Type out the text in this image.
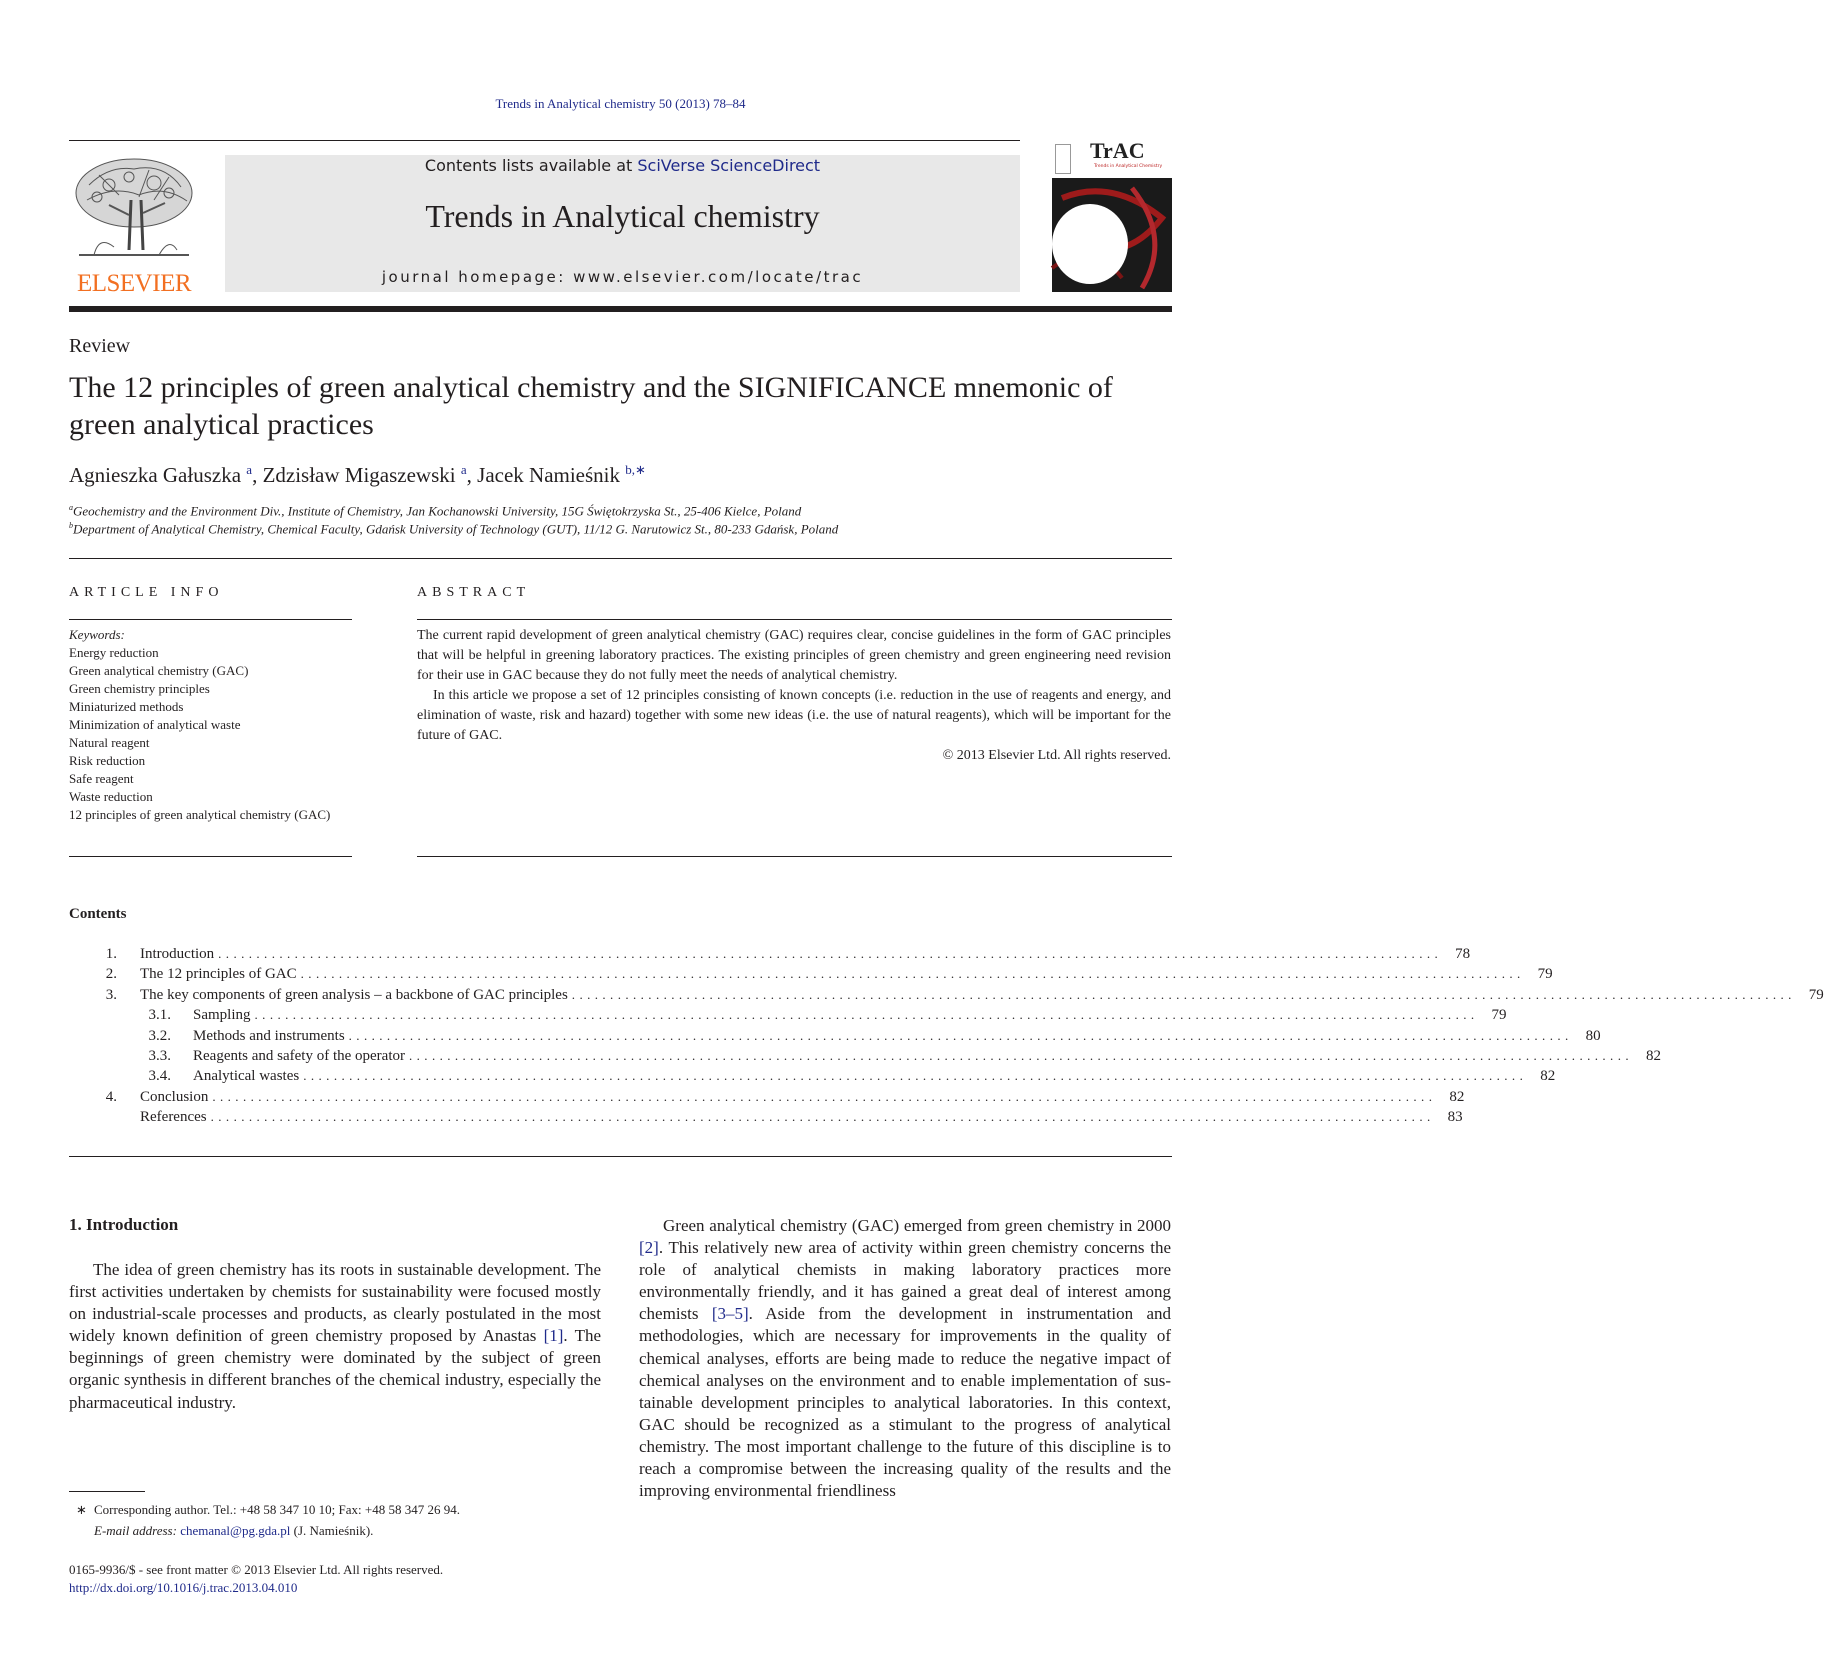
Trends in Analytical chemistry 50 (2013) 78–84
ELSEVIER
Contents lists available at SciVerse ScienceDirect
Trends in Analytical chemistry
journal homepage: www.elsevier.com/locate/trac
TrAC
Trends in Analytical Chemistry
Review
The 12 principles of green analytical chemistry and the SIGNIFICANCE mnemonic of green analytical practices
Agnieszka Gałuszka $^a$, Zdzisław Migaszewski $^a$, Jacek Namieśnik $^{b,∗}$
$^a$Geochemistry and the Environment Div., Institute of Chemistry, Jan Kochanowski University, 15G Świętokrzyska St., 25-406 Kielce, Poland
$^b$Department of Analytical Chemistry, Chemical Faculty, Gdańsk University of Technology (GUT), 11/12 G. Narutowicz St., 80-233 Gdańsk, Poland
ARTICLE INFO
Keywords:
Energy reduction
Green analytical chemistry (GAC)
Green chemistry principles
Miniaturized methods
Minimization of analytical waste
Natural reagent
Risk reduction
Safe reagent
Waste reduction
12 principles of green analytical chemistry (GAC)
ABSTRACT

The current rapid development of green analytical chemistry (GAC) requires clear, concise guidelines in the form of GAC principles that will be helpful in greening laboratory practices. The existing principles of green chemistry and green engineering need revision for their use in GAC because they do not fully meet the needs of analytical chemistry.

In this article we propose a set of 12 principles consisting of known concepts (i.e. reduction in the use of reagents and energy, and elimination of waste, risk and hazard) together with some new ideas (i.e. the use of natural reagents), which will be important for the future of GAC.

© 2013 Elsevier Ltd. All rights reserved.

Contents
1. Introduction ................................................................................................................................................................ 78
2. The 12 principles of GAC ................................................................................................................................................................ 79
3. The key components of green analysis – a backbone of GAC principles ................................................................................................................................................................ 79
3.1. Sampling ................................................................................................................................................................ 79
3.2. Methods and instruments ................................................................................................................................................................ 80
3.3. Reagents and safety of the operator ................................................................................................................................................................ 82
3.4. Analytical wastes ................................................................................................................................................................ 82
4. Conclusion ................................................................................................................................................................ 82
References ................................................................................................................................................................ 83
1. Introduction

The idea of green chemistry has its roots in sustainable development. The first activities undertaken by chemists for sustainability were focused mostly on industrial-scale processes and products, as clearly postulated in the most widely known definition of green chemistry proposed by Anastas [1]. The beginnings of green chemistry were dominated by the subject of green organic synthesis in different branches of the chemical industry, especially the pharmaceutical industry.

Green analytical chemistry (GAC) emerged from green chemistry in 2000 [2]. This relatively new area of activity within green chemistry concerns the role of analytical chemists in making laboratory practices more environmentally friendly, and it has gained a great deal of interest among chemists [3–5]. Aside from the development in instrumentation and methodologies, which are necessary for improvements in the quality of chemical analyses, efforts are being made to reduce the negative impact of chemical analyses on the environment and to enable implementation of sustainable development principles to analytical laboratories. In this context, GAC should be recognized as a stimulant to the progress of analytical chemistry. The most important challenge to the future of this discipline is to reach a compromise between the increasing quality of the results and the improving environmental friendliness

∗ Corresponding author. Tel.: +48 58 347 10 10; Fax: +48 58 347 26 94.
E-mail address: chemanal@pg.gda.pl (J. Namieśnik).
0165-9936/$ - see front matter © 2013 Elsevier Ltd. All rights reserved.
http://dx.doi.org/10.1016/j.trac.2013.04.010
